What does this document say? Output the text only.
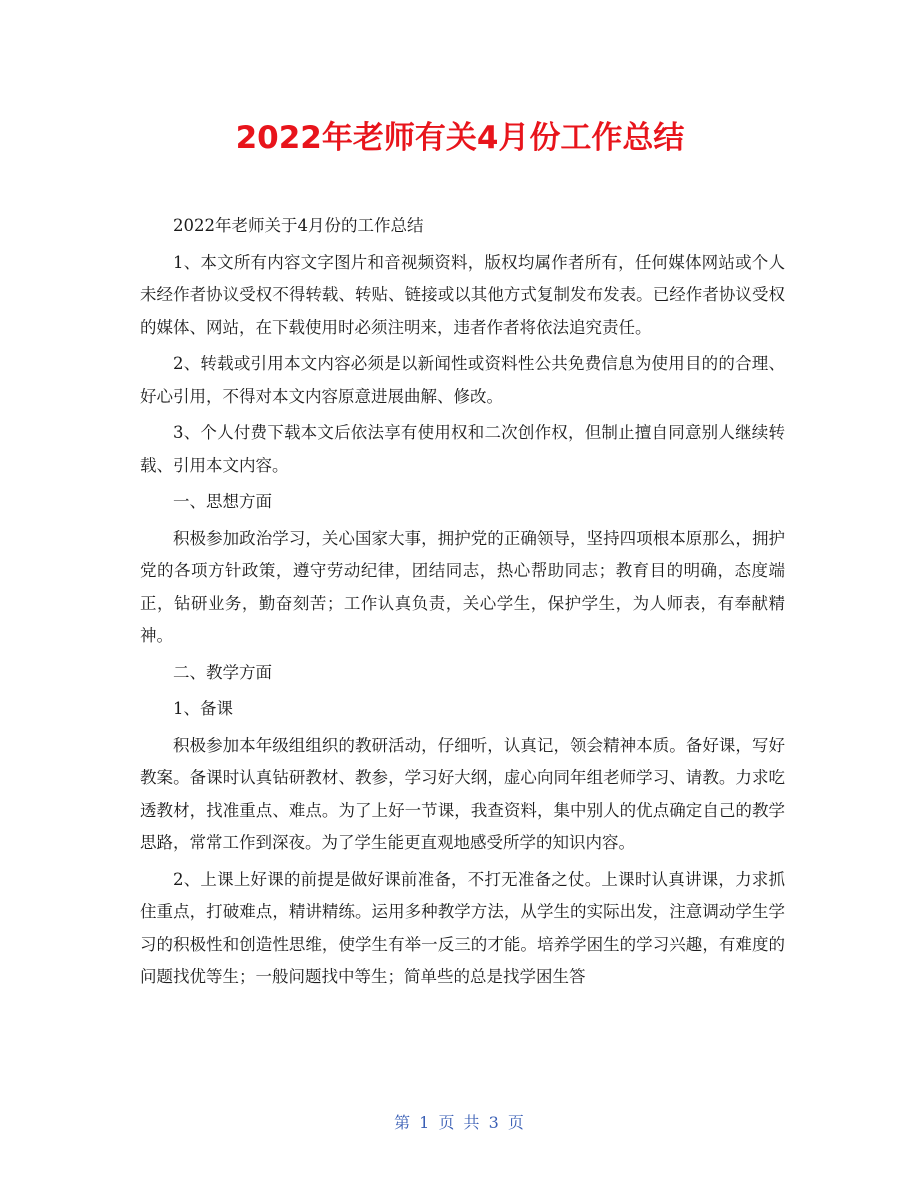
2022年老师有关4月份工作总结

2022年老师关于4月份的工作总结

1、本文所有内容文字图片和音视频资料，版权均属作者所有，任何媒体网站或个人未经作者协议受权不得转载、转贴、链接或以其他方式复制发布发表。已经作者协议受权的媒体、网站，在下载使用时必须注明来，违者作者将依法追究责任。

2、转载或引用本文内容必须是以新闻性或资料性公共免费信息为使用目的的合理、好心引用，不得对本文内容原意进展曲解、修改。

3、个人付费下载本文后依法享有使用权和二次创作权，但制止擅自同意别人继续转载、引用本文内容。

一、思想方面

积极参加政治学习，关心国家大事，拥护党的正确领导，坚持四项根本原那么，拥护党的各项方针政策，遵守劳动纪律，团结同志，热心帮助同志；教育目的明确，态度端正，钻研业务，勤奋刻苦；工作认真负责，关心学生，保护学生，为人师表，有奉献精神。

二、教学方面

1、备课

积极参加本年级组组织的教研活动，仔细听，认真记，领会精神本质。备好课，写好教案。备课时认真钻研教材、教参，学习好大纲，虚心向同年组老师学习、请教。力求吃透教材，找准重点、难点。为了上好一节课，我查资料，集中别人的优点确定自己的教学思路，常常工作到深夜。为了学生能更直观地感受所学的知识内容。

2、上课上好课的前提是做好课前准备，不打无准备之仗。上课时认真讲课，力求抓住重点，打破难点，精讲精练。运用多种教学方法，从学生的实际出发，注意调动学生学习的积极性和创造性思维，使学生有举一反三的才能。培养学困生的学习兴趣，有难度的问题找优等生；一般问题找中等生；简单些的总是找学困生答

第 1 页 共 3 页
